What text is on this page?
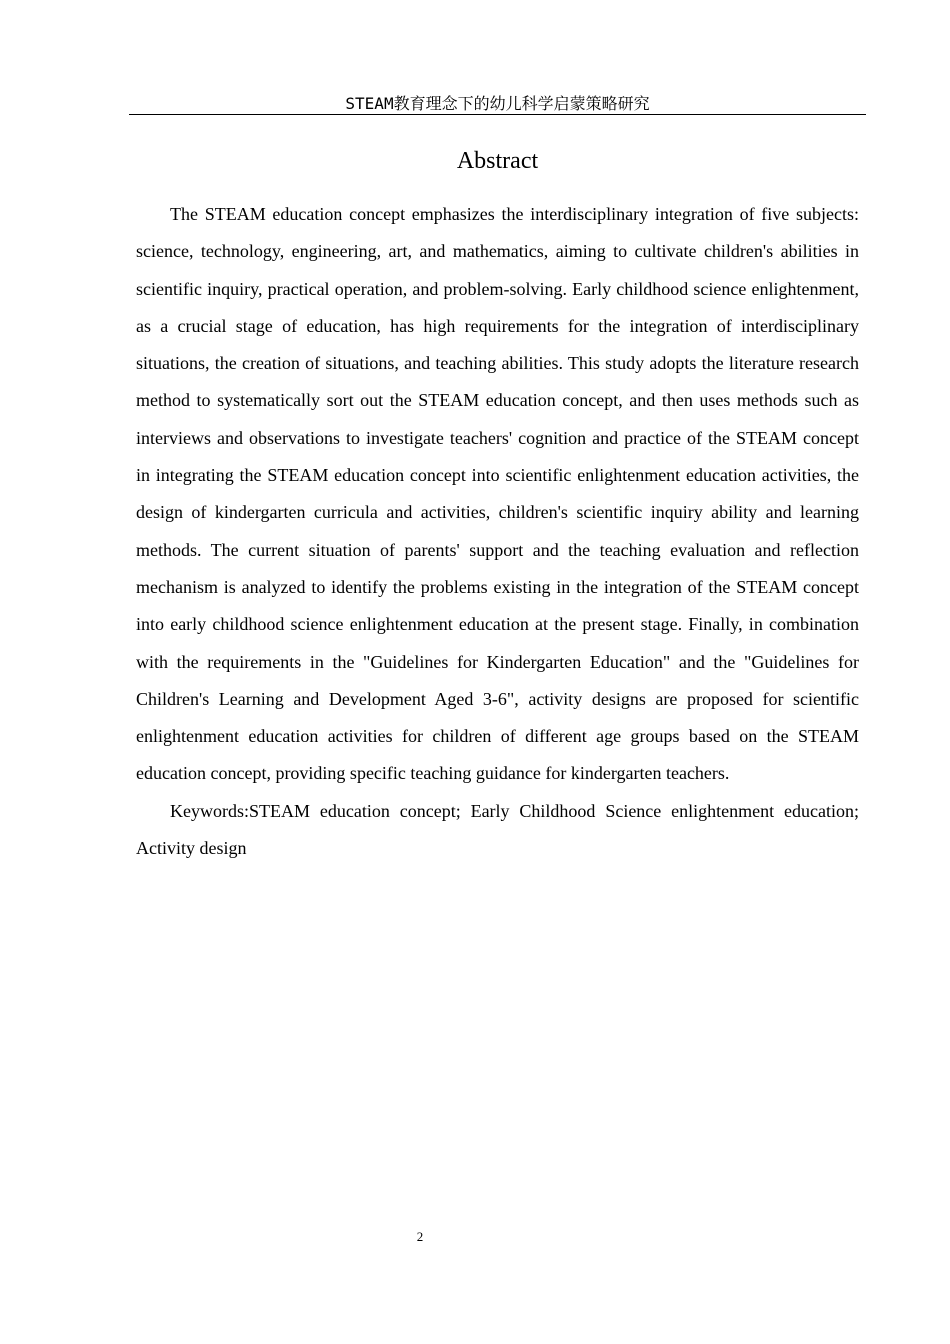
STEAM教育理念下的幼儿科学启蒙策略研究
Abstract

The STEAM education concept emphasizes the interdisciplinary integration of five subjects: science, technology, engineering, art, and mathematics, aiming to cultivate children's abilities in scientific inquiry, practical operation, and problem-solving. Early childhood science enlightenment, as a crucial stage of education, has high requirements for the integration of interdisciplinary situations, the creation of situations, and teaching abilities. This study adopts the literature research method to systematically sort out the STEAM education concept, and then uses methods such as interviews and observations to investigate teachers' cognition and practice of the STEAM concept in integrating the STEAM education concept into scientific enlightenment education activities, the design of kindergarten curricula and activities, children's scientific inquiry ability and learning methods. The current situation of parents' support and the teaching evaluation and reflection mechanism is analyzed to identify the problems existing in the integration of the STEAM concept into early childhood science enlightenment education at the present stage. Finally, in combination with the requirements in the "Guidelines for Kindergarten Education" and the "Guidelines for Children's Learning and Development Aged 3-6", activity designs are proposed for scientific enlightenment education activities for children of different age groups based on the STEAM education concept, providing specific teaching guidance for kindergarten teachers.

Keywords:STEAM education concept; Early Childhood Science enlightenment education; Activity design

2
